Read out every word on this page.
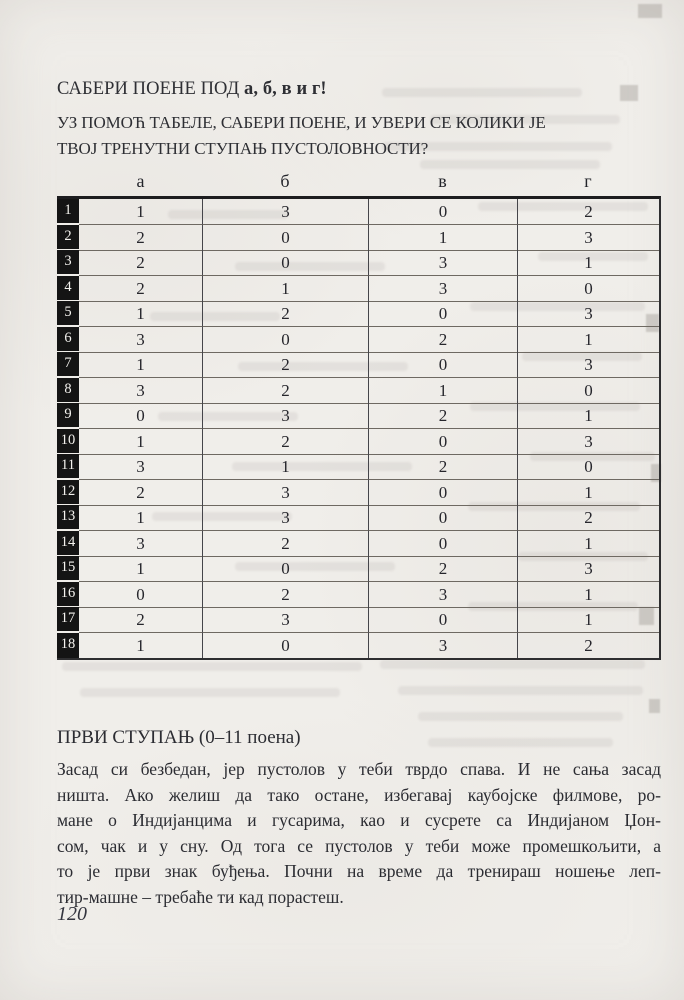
САБЕРИ ПОЕНЕ ПОД а, б, в и г!
УЗ ПОМОЋ ТАБЕЛЕ, САБЕРИ ПОЕНЕ, И УВЕРИ СЕ КОЛИКИ ЈЕ
ТВОЈ ТРЕНУТНИ СТУПАЊ ПУСТОЛОВНОСТИ?
а	б	в	г
1	1	3	0	2
2	2	0	1	3
3	2	0	3	1
4	2	1	3	0
5	1	2	0	3
6	3	0	2	1
7	1	2	0	3
8	3	2	1	0
9	0	3	2	1
10	1	2	0	3
11	3	1	2	0
12	2	3	0	1
13	1	3	0	2
14	3	2	0	1
15	1	0	2	3
16	0	2	3	1
17	2	3	0	1
18	1	0	3	2
ПРВИ СТУПАЊ (0–11 поена)
Засад си безбедан, јер пустолов у теби тврдо спава. И не сања засад
ништа. Ако желиш да тако остане, избегавај каубојске филмове, ро-
мане о Индијанцима и гусарима, као и сусрете са Индијаном Џон-
сом, чак и у сну. Од тога се пустолов у теби може промешкољити, а
то је први знак буђења. Почни на време да тренираш ношење леп-
тир-машне – требаће ти кад порастеш.
120
